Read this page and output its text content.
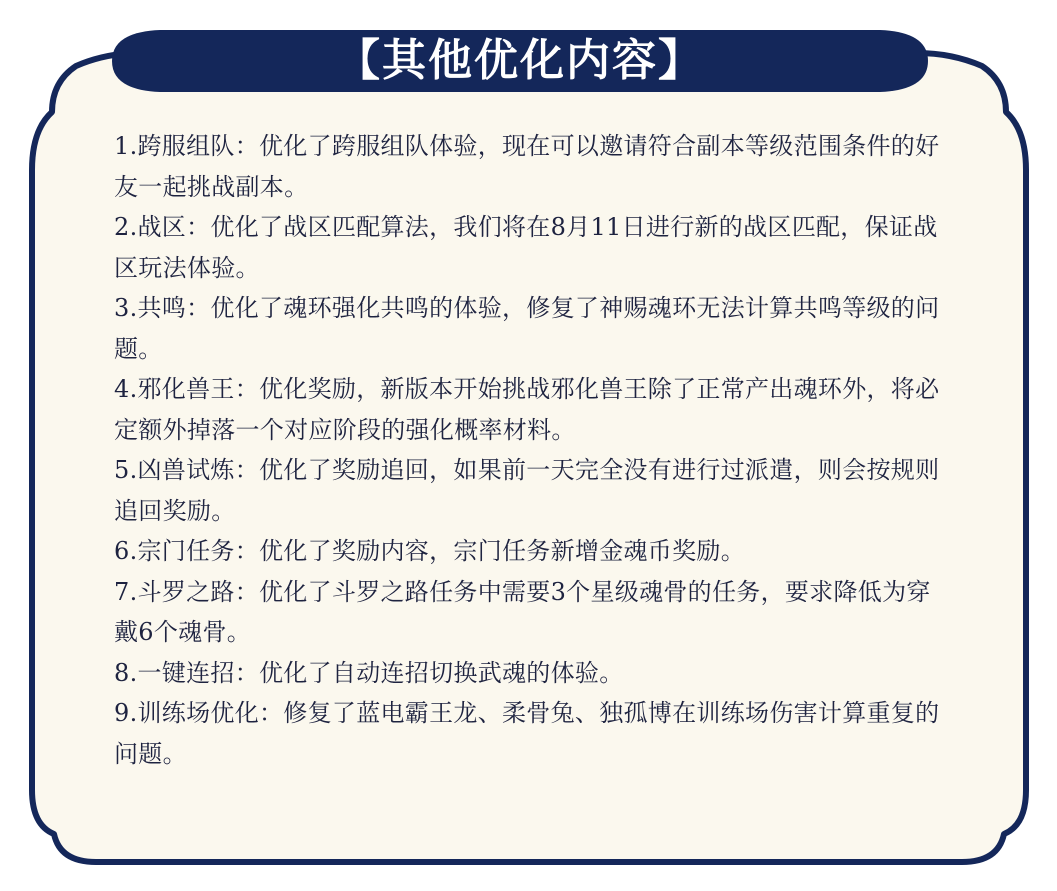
【其他优化内容】

1.跨服组队：优化了跨服组队体验，现在可以邀请符合副本等级范围条件的好友一起挑战副本。

2.战区：优化了战区匹配算法，我们将在8月11日进行新的战区匹配，保证战区玩法体验。

3.共鸣：优化了魂环强化共鸣的体验，修复了神赐魂环无法计算共鸣等级的问题。

4.邪化兽王：优化奖励，新版本开始挑战邪化兽王除了正常产出魂环外，将必定额外掉落一个对应阶段的强化概率材料。

5.凶兽试炼：优化了奖励追回，如果前一天完全没有进行过派遣，则会按规则追回奖励。

6.宗门任务：优化了奖励内容，宗门任务新增金魂币奖励。

7.斗罗之路：优化了斗罗之路任务中需要3个星级魂骨的任务，要求降低为穿戴6个魂骨。

8.一键连招：优化了自动连招切换武魂的体验。

9.训练场优化：修复了蓝电霸王龙、柔骨兔、独孤博在训练场伤害计算重复的问题。
